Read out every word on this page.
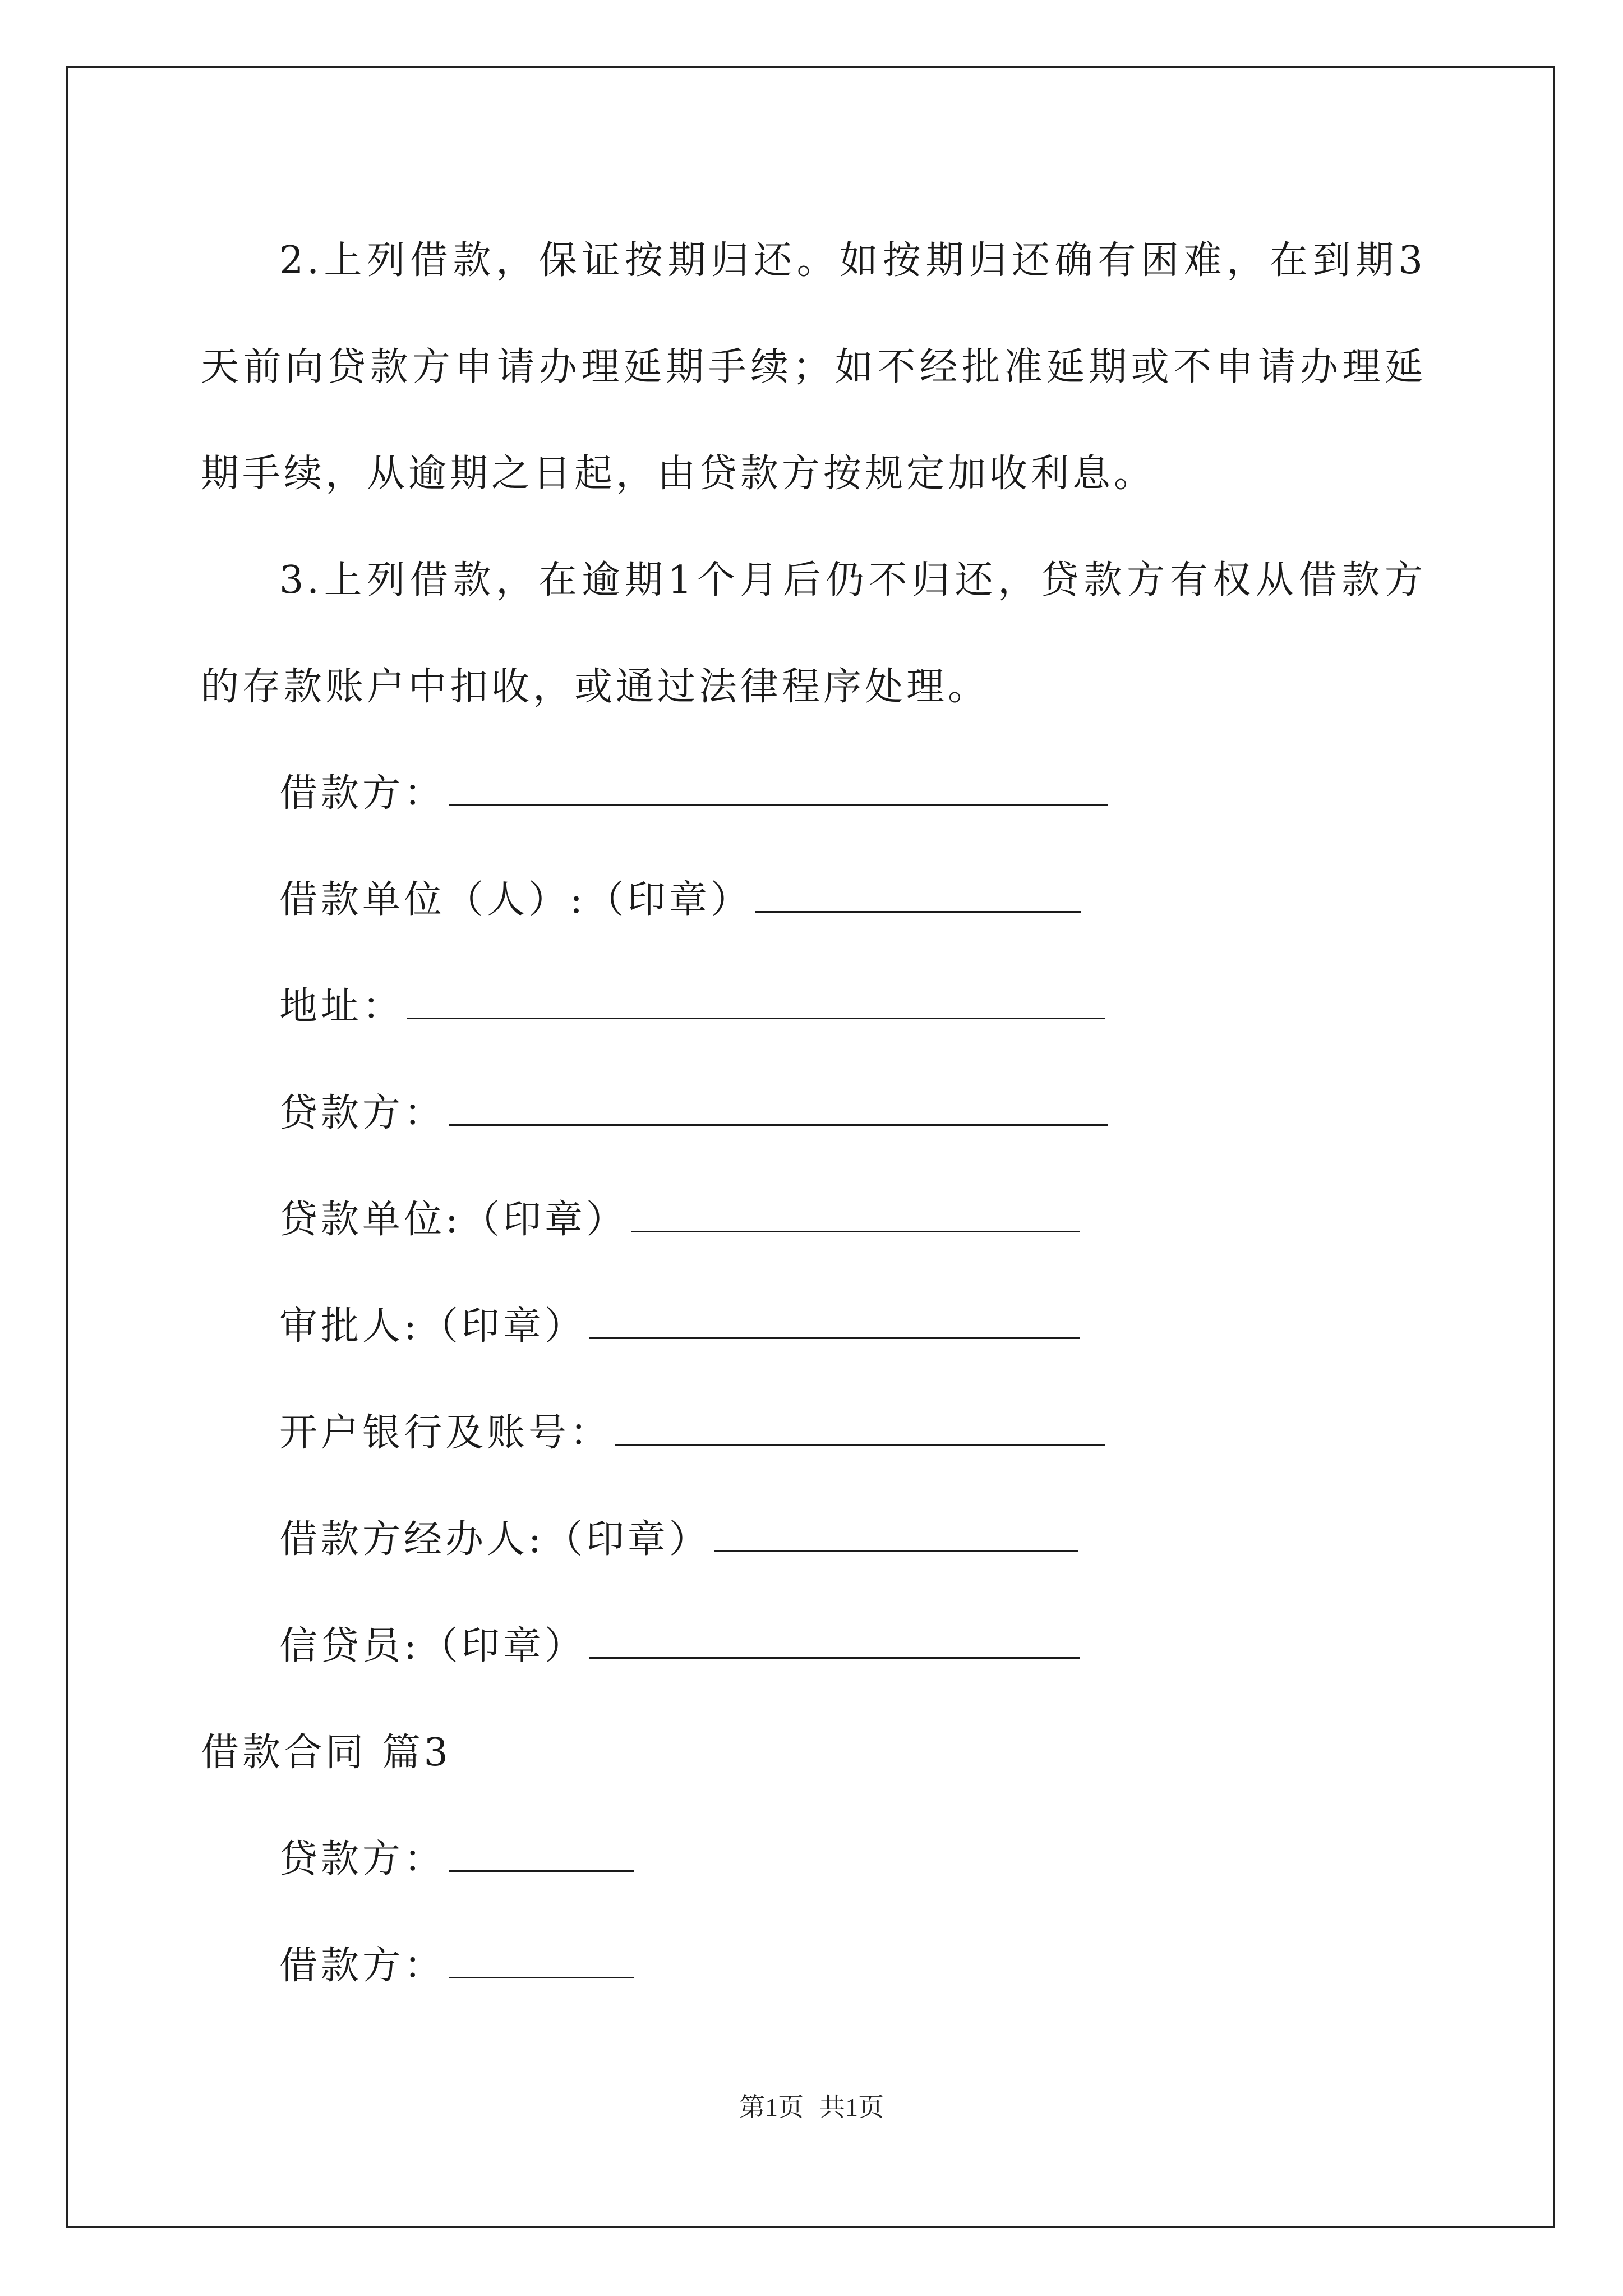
2.上列借款，保证按期归还。如按期归还确有困难，在到期3天前向贷款方申请办理延期手续；如不经批准延期或不申请办理延期手续，从逾期之日起，由贷款方按规定加收利息。

3.上列借款，在逾期1个月后仍不归还，贷款方有权从借款方的存款账户中扣收，或通过法律程序处理。

借款方：
借款单位（人）:（印章）
地址：
贷款方：
贷款单位:（印章）
审批人:（印章）
开户银行及账号：
借款方经办人:（印章）
信贷员:（印章）
借款合同 篇3
贷款方：
借款方：
第1页 共1页
